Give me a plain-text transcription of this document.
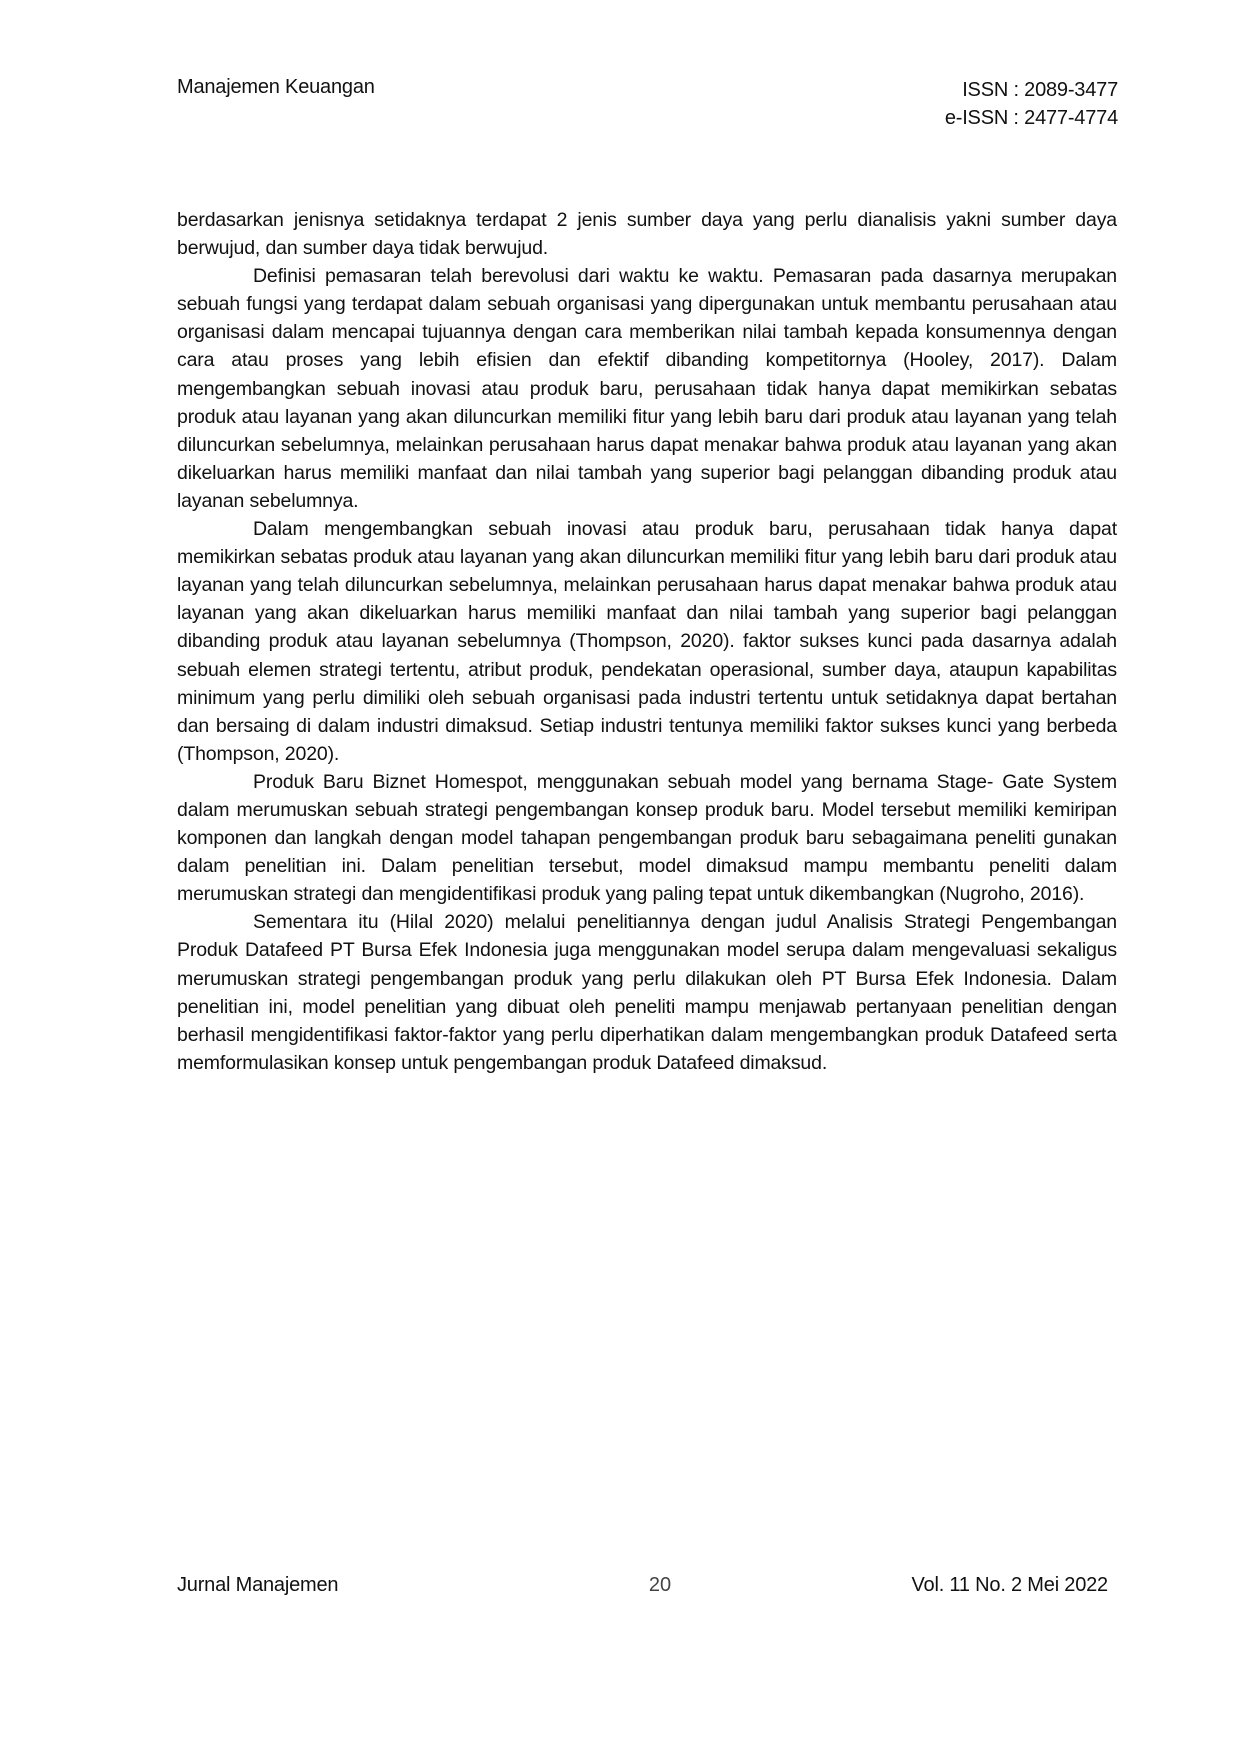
Manajemen Keuangan	ISSN : 2089-3477
e-ISSN : 2477-4774

berdasarkan jenisnya setidaknya terdapat 2 jenis sumber daya yang perlu dianalisis yakni sumber daya berwujud, dan sumber daya tidak berwujud.

Definisi pemasaran telah berevolusi dari waktu ke waktu. Pemasaran pada dasarnya merupakan sebuah fungsi yang terdapat dalam sebuah organisasi yang dipergunakan untuk membantu perusahaan atau organisasi dalam mencapai tujuannya dengan cara memberikan nilai tambah kepada konsumennya dengan cara atau proses yang lebih efisien dan efektif dibanding kompetitornya (Hooley, 2017). Dalam mengembangkan sebuah inovasi atau produk baru, perusahaan tidak hanya dapat memikirkan sebatas produk atau layanan yang akan diluncurkan memiliki fitur yang lebih baru dari produk atau layanan yang telah diluncurkan sebelumnya, melainkan perusahaan harus dapat menakar bahwa produk atau layanan yang akan dikeluarkan harus memiliki manfaat dan nilai tambah yang superior bagi pelanggan dibanding produk atau layanan sebelumnya.

Dalam mengembangkan sebuah inovasi atau produk baru, perusahaan tidak hanya dapat memikirkan sebatas produk atau layanan yang akan diluncurkan memiliki fitur yang lebih baru dari produk atau layanan yang telah diluncurkan sebelumnya, melainkan perusahaan harus dapat menakar bahwa produk atau layanan yang akan dikeluarkan harus memiliki manfaat dan nilai tambah yang superior bagi pelanggan dibanding produk atau layanan sebelumnya (Thompson, 2020). faktor sukses kunci pada dasarnya adalah sebuah elemen strategi tertentu, atribut produk, pendekatan operasional, sumber daya, ataupun kapabilitas minimum yang perlu dimiliki oleh sebuah organisasi pada industri tertentu untuk setidaknya dapat bertahan dan bersaing di dalam industri dimaksud. Setiap industri tentunya memiliki faktor sukses kunci yang berbeda (Thompson, 2020).

Produk Baru Biznet Homespot, menggunakan sebuah model yang bernama Stage- Gate System dalam merumuskan sebuah strategi pengembangan konsep produk baru. Model tersebut memiliki kemiripan komponen dan langkah dengan model tahapan pengembangan produk baru sebagaimana peneliti gunakan dalam penelitian ini. Dalam penelitian tersebut, model dimaksud mampu membantu peneliti dalam merumuskan strategi dan mengidentifikasi produk yang paling tepat untuk dikembangkan (Nugroho, 2016).

Sementara itu (Hilal 2020) melalui penelitiannya dengan judul Analisis Strategi Pengembangan Produk Datafeed PT Bursa Efek Indonesia juga menggunakan model serupa dalam mengevaluasi sekaligus merumuskan strategi pengembangan produk yang perlu dilakukan oleh PT Bursa Efek Indonesia. Dalam penelitian ini, model penelitian yang dibuat oleh peneliti mampu menjawab pertanyaan penelitian dengan berhasil mengidentifikasi faktor-faktor yang perlu diperhatikan dalam mengembangkan produk Datafeed serta memformulasikan konsep untuk pengembangan produk Datafeed dimaksud.

Jurnal Manajemen	20	Vol. 11 No. 2 Mei 2022
